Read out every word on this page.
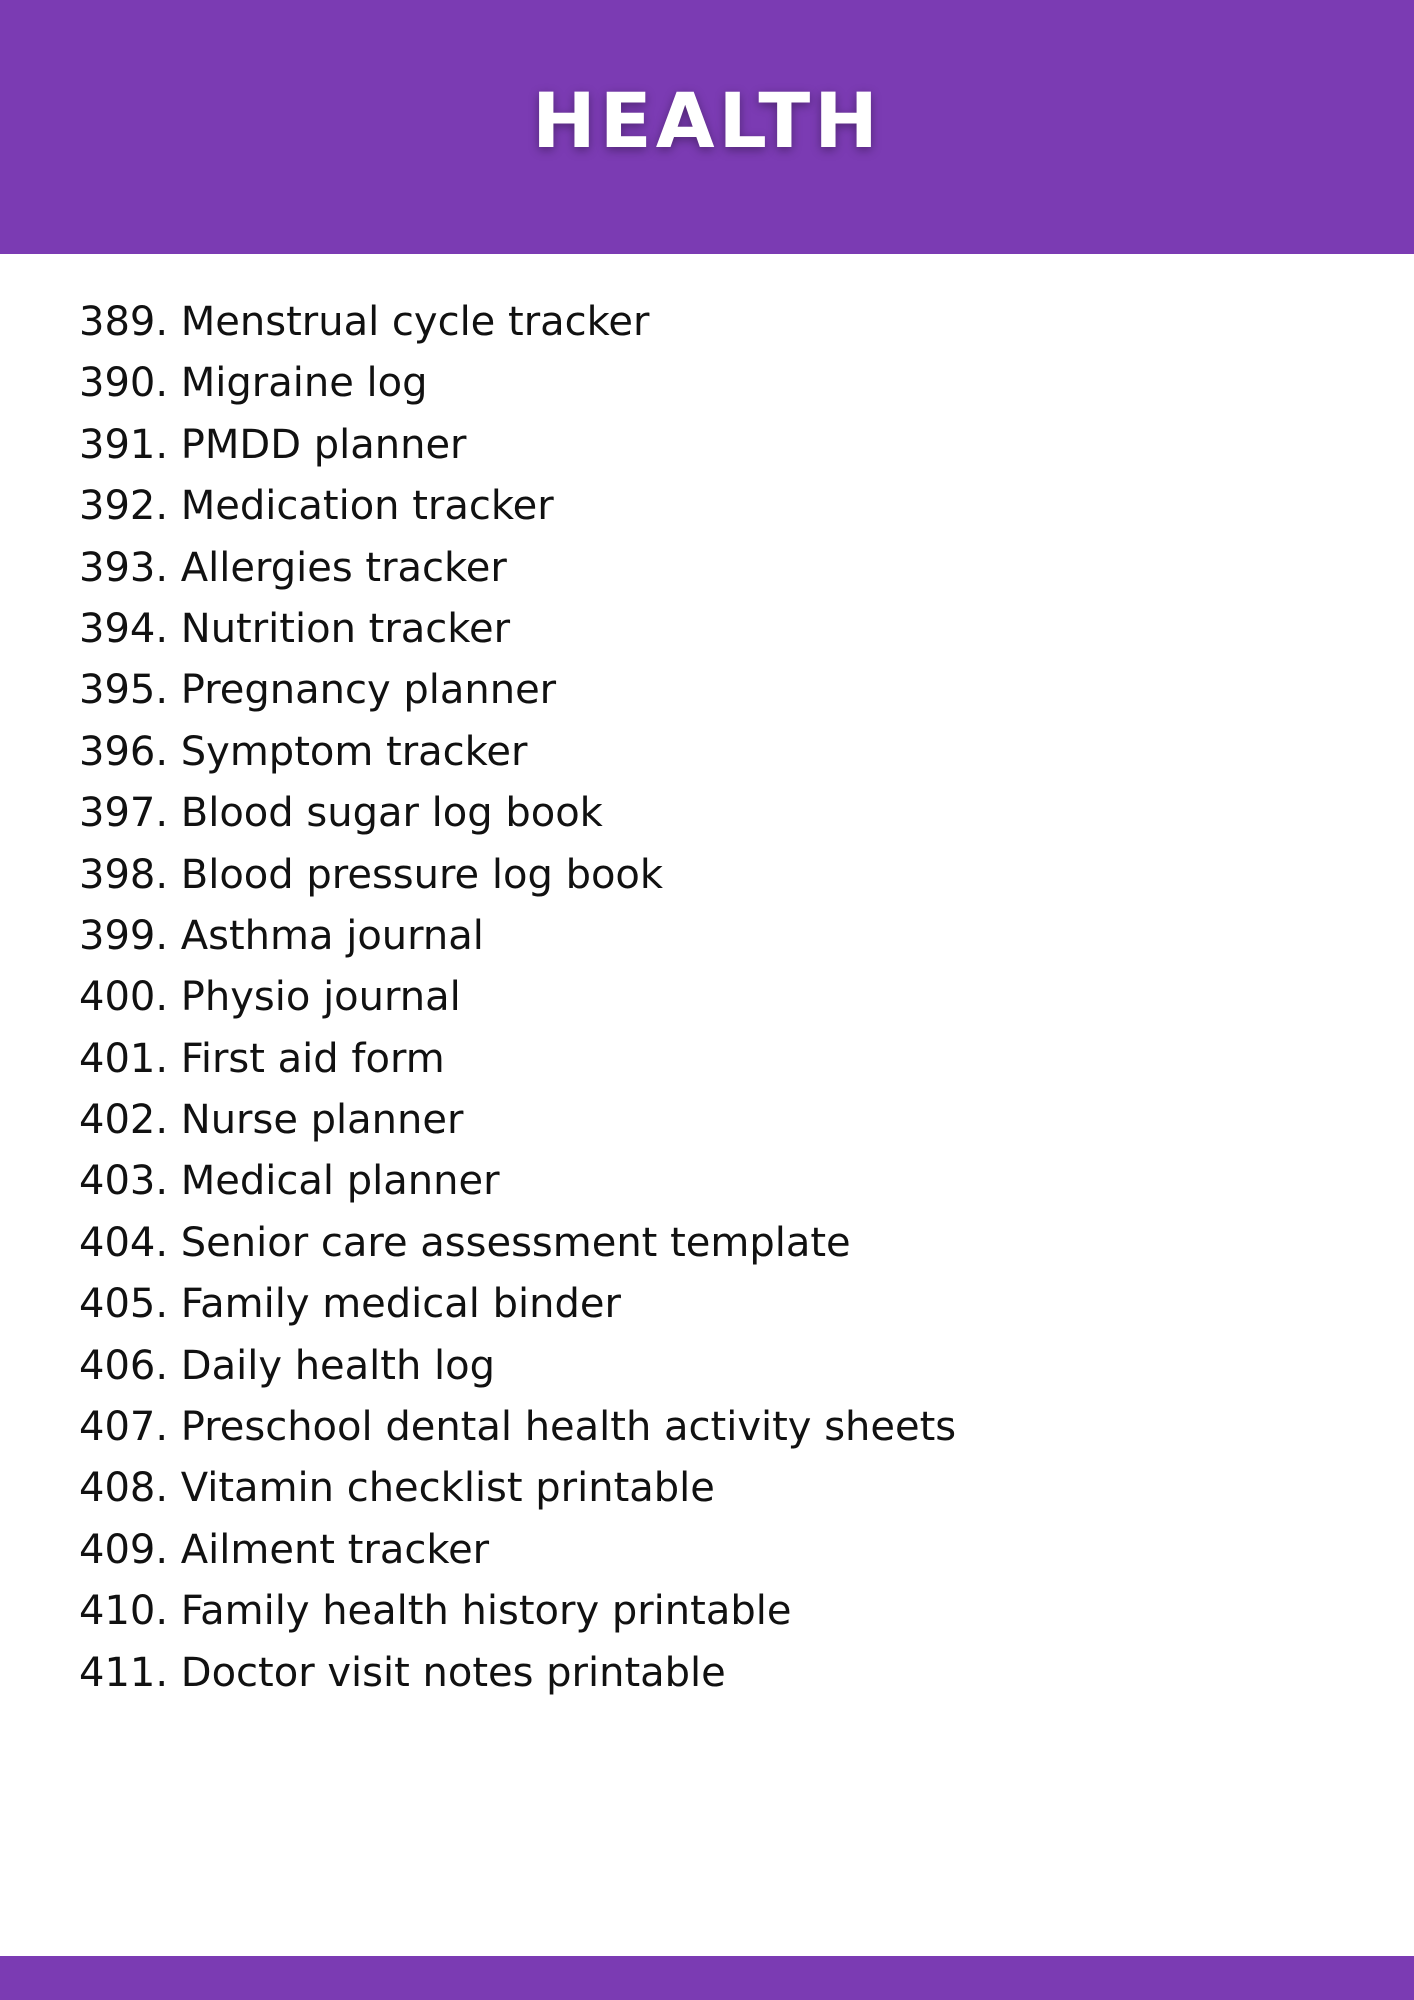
HEALTH
389. Menstrual cycle tracker
390. Migraine log
391. PMDD planner
392. Medication tracker
393. Allergies tracker
394. Nutrition tracker
395. Pregnancy planner
396. Symptom tracker
397. Blood sugar log book
398. Blood pressure log book
399. Asthma journal
400. Physio journal
401. First aid form
402. Nurse planner
403. Medical planner
404. Senior care assessment template
405. Family medical binder
406. Daily health log
407. Preschool dental health activity sheets
408. Vitamin checklist printable
409. Ailment tracker
410. Family health history printable
411. Doctor visit notes printable
